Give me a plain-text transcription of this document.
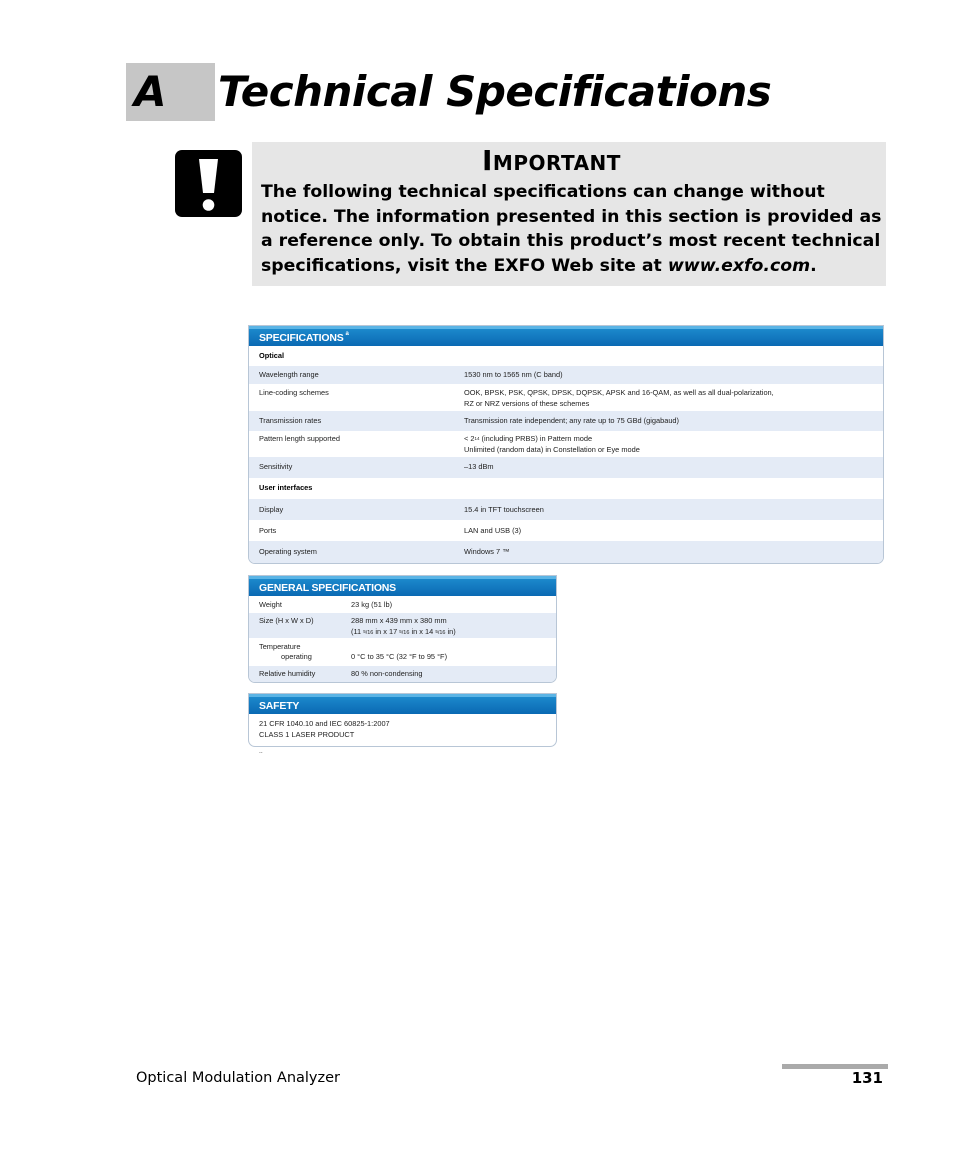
A Technical Specifications
Important
The following technical specifications can change without notice. The information presented in this section is provided as a reference only. To obtain this product’s most recent technical specifications, visit the EXFO Web site at www.exfo.com.
SPECIFICATIONS $^a$
Optical
Wavelength range	1530 nm to 1565 nm (C band)
Line-coding schemes	OOK, BPSK, PSK, QPSK, DPSK, DQPSK, APSK and 16-QAM, as well as all dual-polarization,
RZ or NRZ versions of these schemes
Transmission rates	Transmission rate independent; any rate up to 75 GBd (gigabaud)
Pattern length supported	< $2^{14}$ (including PRBS) in Pattern mode
Unlimited (random data) in Constellation or Eye mode
Sensitivity	–13 dBm
User interfaces
Display	15.4 in TFT touchscreen
Ports	LAN and USB (3)
Operating system	Windows 7 ™
GENERAL SPECIFICATIONS
Weight	23 kg (51 lb)
Size (H x W x D)	288 mm x 439 mm x 380 mm
(11 $^5$/16 in x 17 $^5$/16 in x 14 $^5$/16 in)
Temperature
operating	0 °C to 35 °C (32 °F to 95 °F)
Relative humidity	80 % non-condensing
SAFETY
21 CFR 1040.10 and IEC 60825-1:2007
CLASS 1 LASER PRODUCT
..
Optical Modulation Analyzer	131
